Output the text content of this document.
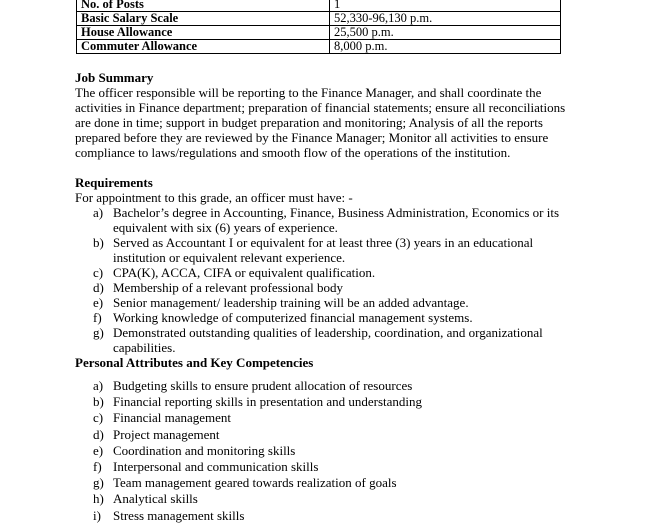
No. of Posts	1
Basic Salary Scale	52,330-96,130 p.m.
House Allowance	25,500 p.m.
Commuter Allowance	8,000 p.m.
Job Summary
The officer responsible will be reporting to the Finance Manager, and shall coordinate the
activities in Finance department; preparation of financial statements; ensure all reconciliations
are done in time; support in budget preparation and monitoring; Analysis of all the reports
prepared before they are reviewed by the Finance Manager; Monitor all activities to ensure
compliance to laws/regulations and smooth flow of the operations of the institution.
Requirements
For appointment to this grade, an officer must have: -
a) Bachelor’s degree in Accounting, Finance, Business Administration, Economics or its
equivalent with six (6) years of experience.
b) Served as Accountant I or equivalent for at least three (3) years in an educational
institution or equivalent relevant experience.
c) CPA(K), ACCA, CIFA or equivalent qualification.
d) Membership of a relevant professional body
e) Senior management/ leadership training will be an added advantage.
f) Working knowledge of computerized financial management systems.
g) Demonstrated outstanding qualities of leadership, coordination, and organizational
capabilities.
Personal Attributes and Key Competencies
a) Budgeting skills to ensure prudent allocation of resources
b) Financial reporting skills in presentation and understanding
c) Financial management
d) Project management
e) Coordination and monitoring skills
f) Interpersonal and communication skills
g) Team management geared towards realization of goals
h) Analytical skills
i) Stress management skills
